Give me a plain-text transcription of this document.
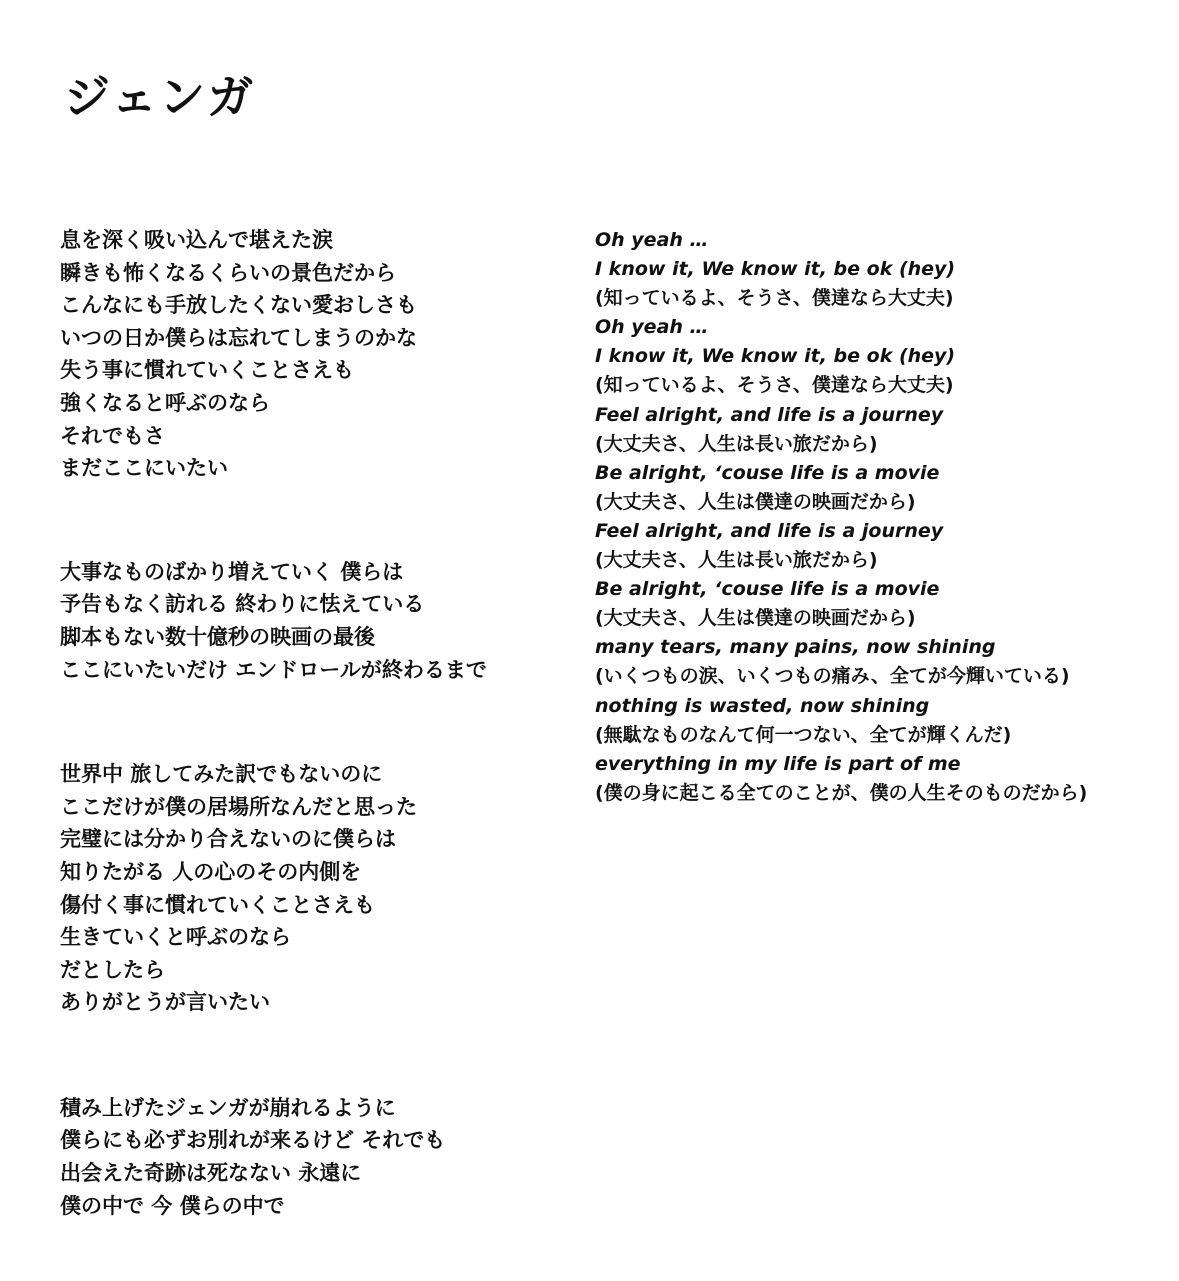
ジェンガ
息を深く吸い込んで堪えた涙
瞬きも怖くなるくらいの景色だから
こんなにも手放したくない愛おしさも
いつの日か僕らは忘れてしまうのかな
失う事に慣れていくことさえも
強くなると呼ぶのなら
それでもさ
まだここにいたい
大事なものばかり増えていく 僕らは
予告もなく訪れる 終わりに怯えている
脚本もない数十億秒の映画の最後
ここにいたいだけ エンドロールが終わるまで
世界中 旅してみた訳でもないのに
ここだけが僕の居場所なんだと思った
完璧には分かり合えないのに僕らは
知りたがる 人の心のその内側を
傷付く事に慣れていくことさえも
生きていくと呼ぶのなら
だとしたら
ありがとうが言いたい
積み上げたジェンガが崩れるように
僕らにも必ずお別れが来るけど それでも
出会えた奇跡は死なない 永遠に
僕の中で 今 僕らの中で
Oh yeah …
I know it, We know it, be ok (hey)
(知っているよ、そうさ、僕達なら大丈夫)
Oh yeah …
I know it, We know it, be ok (hey)
(知っているよ、そうさ、僕達なら大丈夫)
Feel alright, and life is a journey
(大丈夫さ、人生は長い旅だから)
Be alright, ‘couse life is a movie
(大丈夫さ、人生は僕達の映画だから)
Feel alright, and life is a journey
(大丈夫さ、人生は長い旅だから)
Be alright, ‘couse life is a movie
(大丈夫さ、人生は僕達の映画だから)
many tears, many pains, now shining
(いくつもの涙、いくつもの痛み、全てが今輝いている)
nothing is wasted, now shining
(無駄なものなんて何一つない、全てが輝くんだ)
everything in my life is part of me
(僕の身に起こる全てのことが、僕の人生そのものだから)
